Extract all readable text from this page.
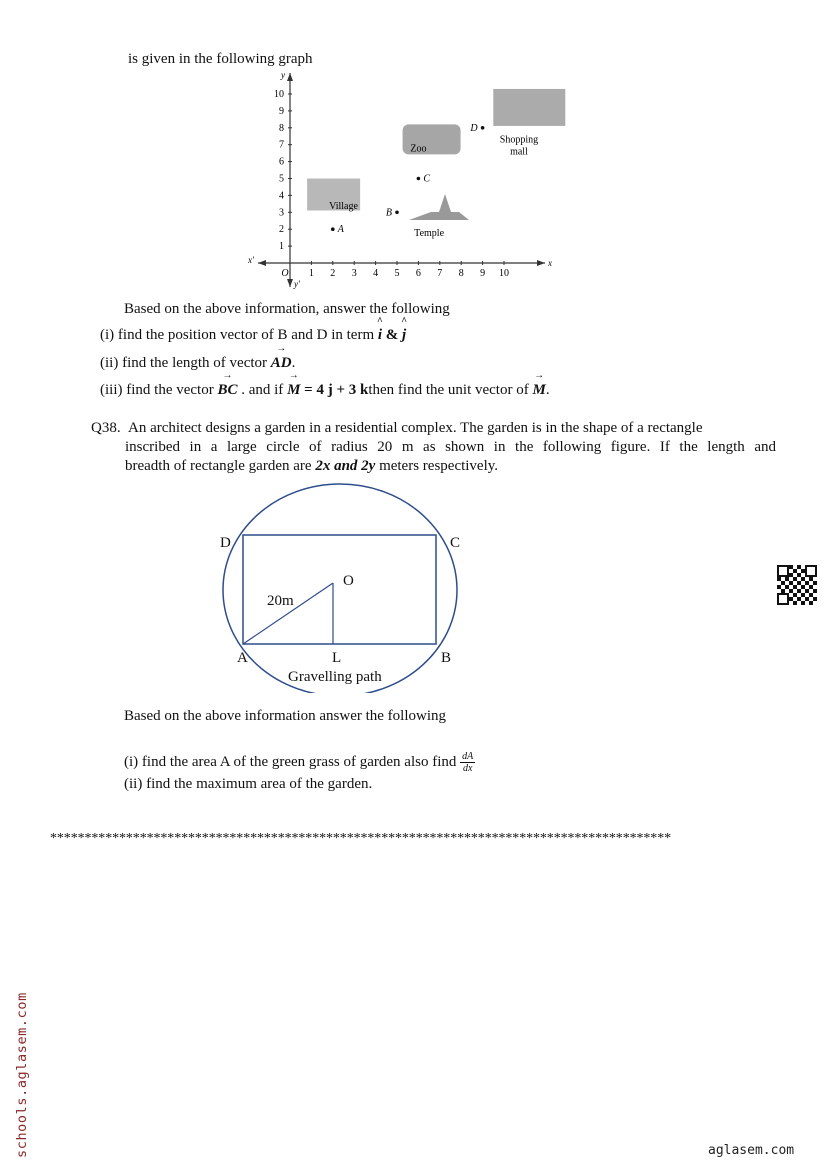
is given in the following graph
x
x'
y
y'
O 1 2 3 4 5 6 7 8 9 10
1
2
3
4
5
6
7
8
9
10
Village
Zoo
Temple
Shopping
mall
A
B
C
D
Based on the above information, answer the following
(i) find the position vector of B and D in term ^ i & ^ j
(ii) find the length of vector → AD.
(iii) find the vector → BC . and if → M = 4 j + 3 kthen find the unit vector of → M.
Q38. An architect designs a garden in a residential complex. The garden is in the shape of a rectangle
inscribed in a large circle of radius 20 m as shown in the following figure. If the length and
breadth of rectangle garden are 2x and 2y meters respectively.
D	C
O
20m
A	L	B
Gravelling path
Based on the above information answer the following
(i) find the area A of the green grass of garden also find $\frac{dA}{dx}$
(ii) find the maximum area of the garden.
******************************************************************************************
schools.aglasem.com	aglasem.com
